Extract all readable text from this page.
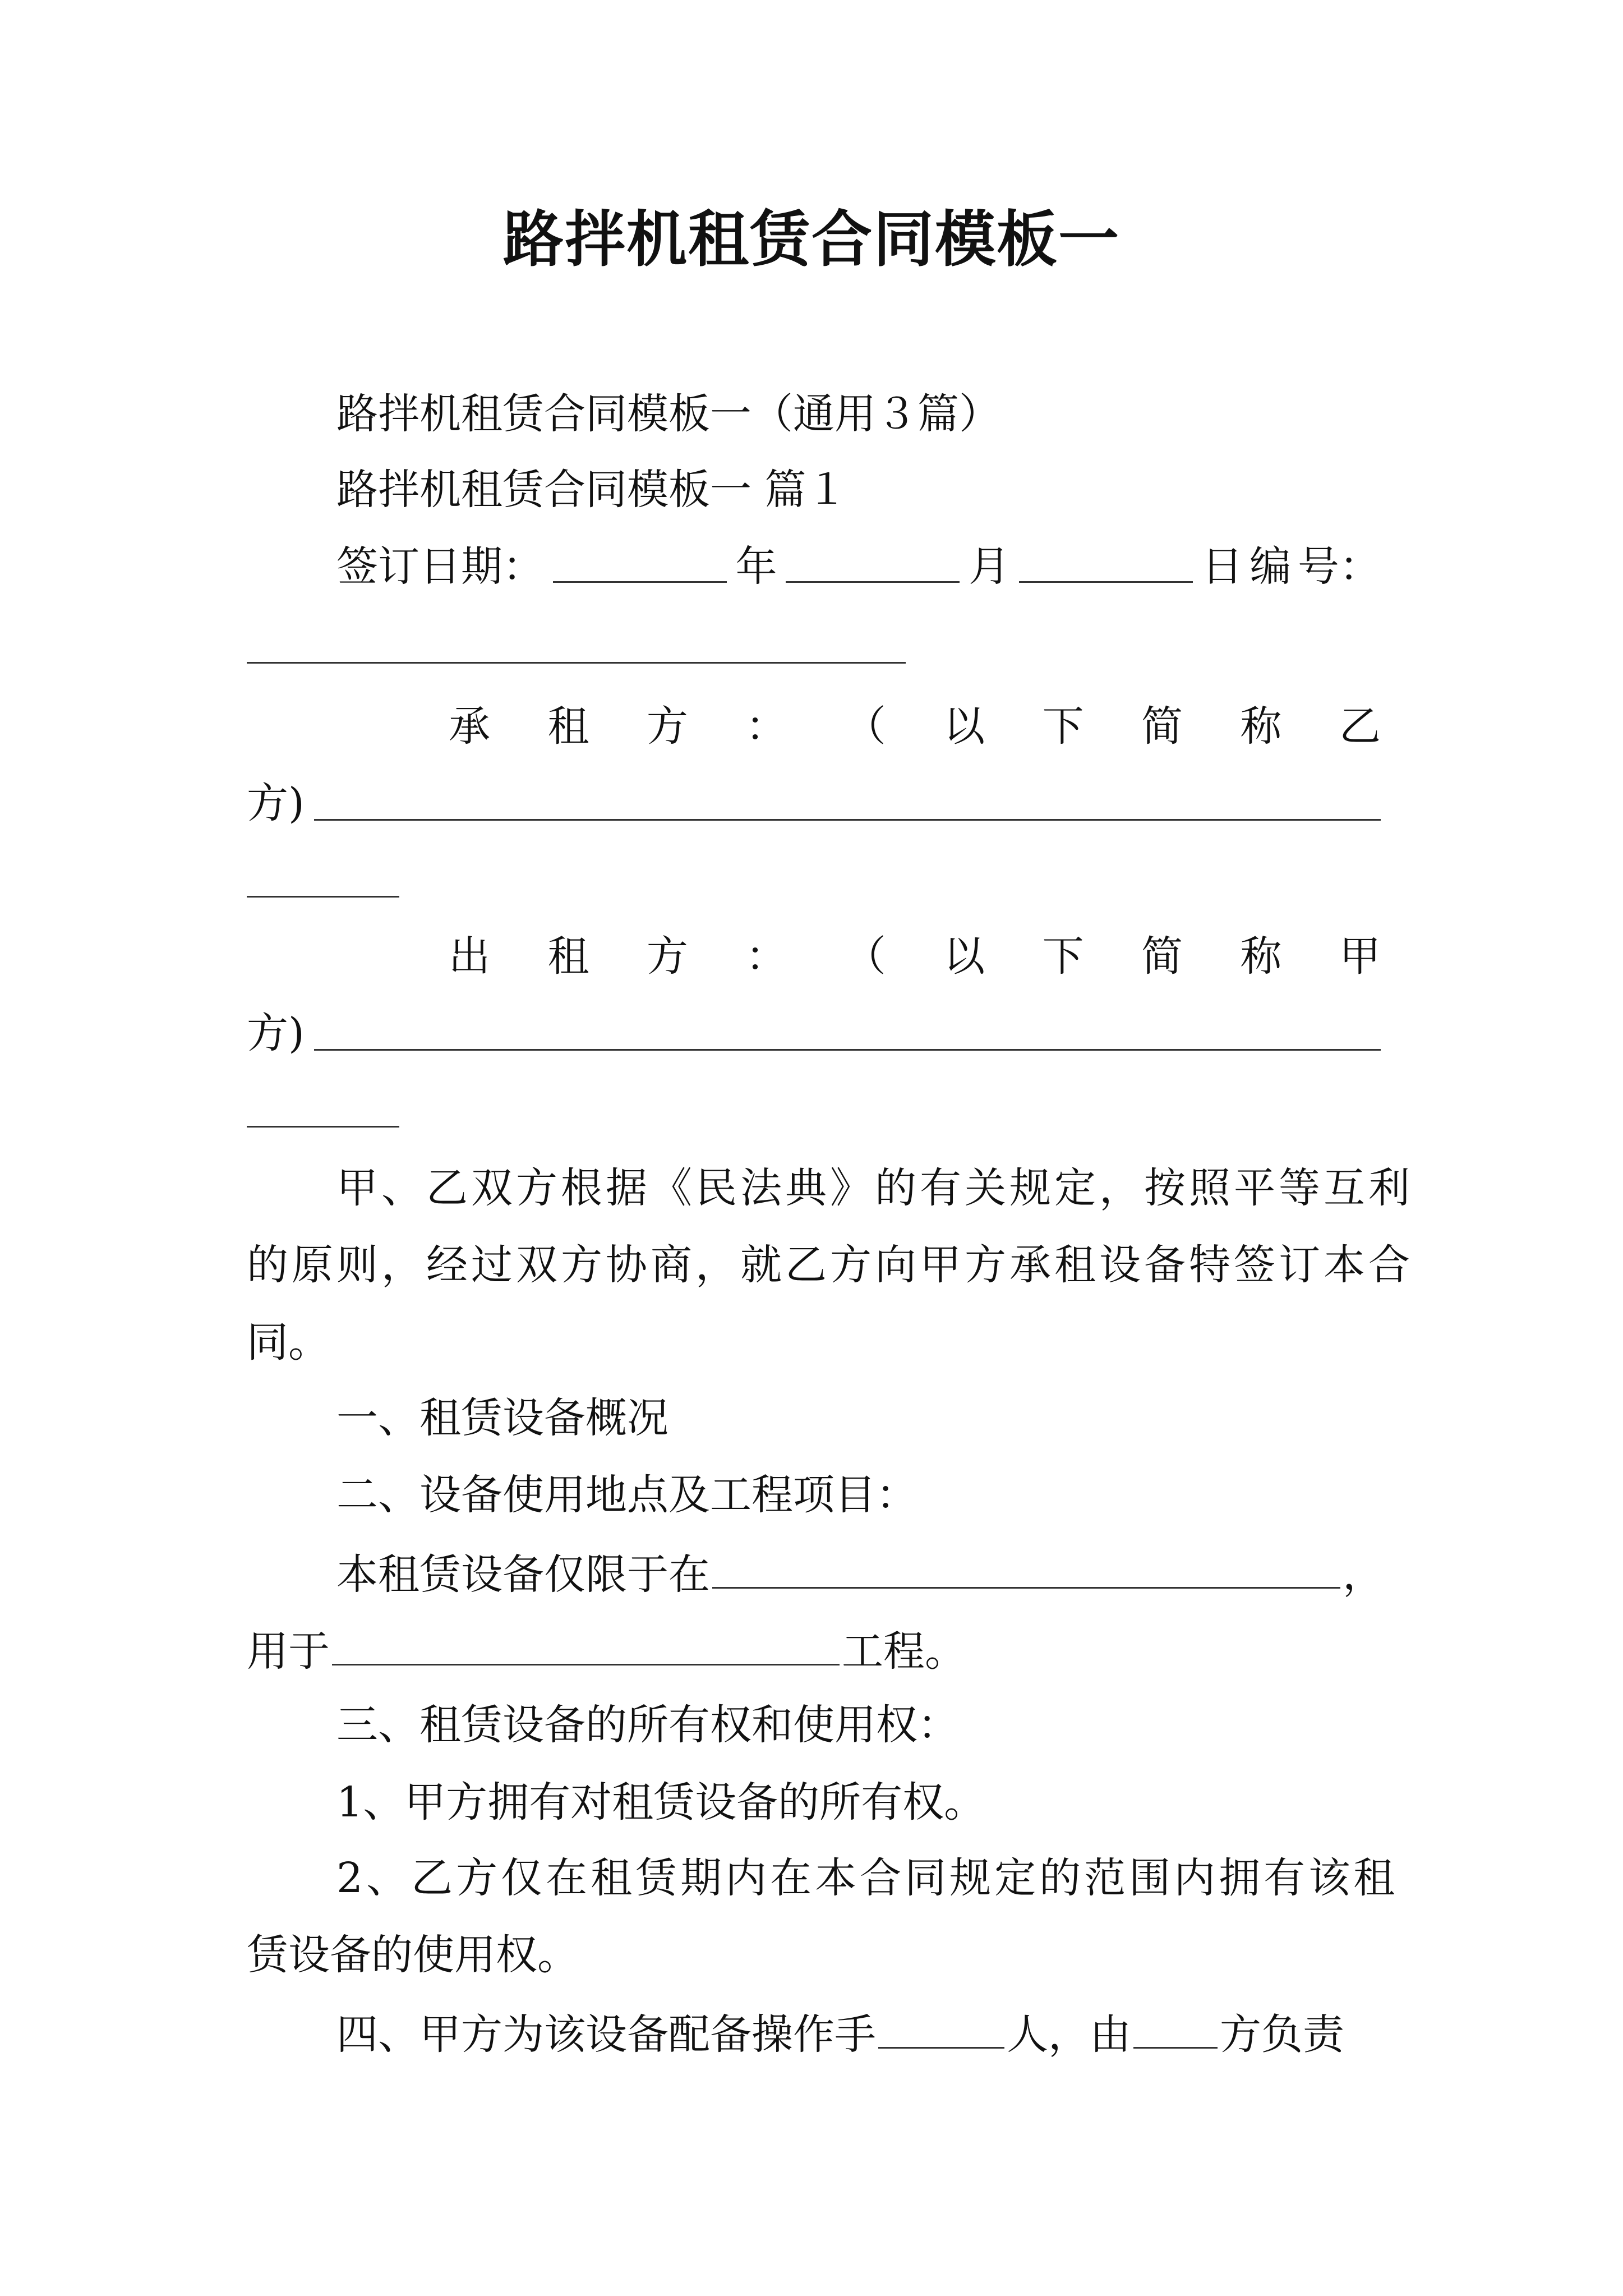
路拌机租赁合同模板一
路拌机租赁合同模板一（通用３篇）
路拌机租赁合同模板一 篇１
签订日期：	年	月	日 编 号：
承 租 方 ： （ 以 下 简 称 乙
方)
出 租 方 ： （ 以 下 简 称 甲
方)
甲、乙双方根据《民法典》的有关规定，按照平等互利
的原则，经过双方协商，就乙方向甲方承租设备特签订本合
同。
一、租赁设备概况
二、设备使用地点及工程项目：
本租赁设备仅限于在	，
用于	工程。
三、租赁设备的所有权和使用权：
1、甲方拥有对租赁设备的所有权。
2、乙方仅在租赁期内在本合同规定的范围内拥有该租
赁设备的使用权。
四、甲方为该设备配备操作手	人，由 方负责
